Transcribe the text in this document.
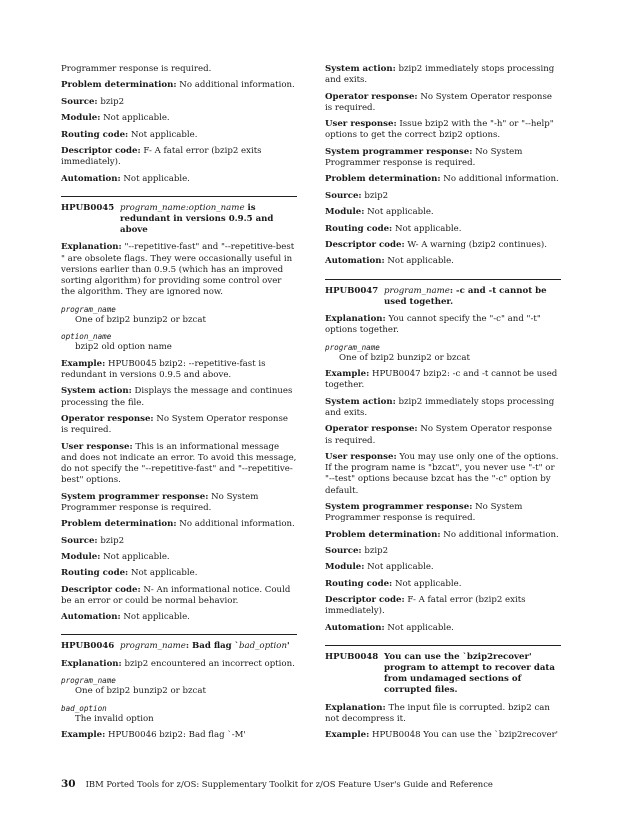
Programmer response is required.

Problem determination: No additional information.

Source: bzip2

Module: Not applicable.

Routing code: Not applicable.

Descriptor code: F- A fatal error (bzip2 exits immediately).

Automation: Not applicable.

HPUB0045 program_name:option_name is redundant in versions 0.9.5 and above

Explanation: "--repetitive-fast" and "--repetitive-best " are obsolete flags. They were occasionally useful in versions earlier than 0.9.5 (which has an improved sorting algorithm) for providing some control over the algorithm. They are ignored now.

program_name

One of bzip2 bunzip2 or bzcat

option_name

bzip2 old option name

Example: HPUB0045 bzip2: --repetitive-fast is redundant in versions 0.9.5 and above.

System action: Displays the message and continues processing the file.

Operator response: No System Operator response is required.

User response: This is an informational message and does not indicate an error. To avoid this message, do not specify the "--repetitive-fast" and "--repetitive-best" options.

System programmer response: No System Programmer response is required.

Problem determination: No additional information.

Source: bzip2

Module: Not applicable.

Routing code: Not applicable.

Descriptor code: N- An informational notice. Could be an error or could be normal behavior.

Automation: Not applicable.

HPUB0046 program_name: Bad flag `bad_option'

Explanation: bzip2 encountered an incorrect option.

program_name

One of bzip2 bunzip2 or bzcat

bad_option

The invalid option

Example: HPUB0046 bzip2: Bad flag `-M'

System action: bzip2 immediately stops processing and exits.

Operator response: No System Operator response is required.

User response: Issue bzip2 with the "-h" or "--help" options to get the correct bzip2 options.

System programmer response: No System Programmer response is required.

Problem determination: No additional information.

Source: bzip2

Module: Not applicable.

Routing code: Not applicable.

Descriptor code: W- A warning (bzip2 continues).

Automation: Not applicable.

HPUB0047 program_name: -c and -t cannot be used together.

Explanation: You cannot specify the "-c" and "-t" options together.

program_name

One of bzip2 bunzip2 or bzcat

Example: HPUB0047 bzip2: -c and -t cannot be used together.

System action: bzip2 immediately stops processing and exits.

Operator response: No System Operator response is required.

User response: You may use only one of the options. If the program name is "bzcat", you never use "-t" or "--test" options because bzcat has the "-c" option by default.

System programmer response: No System Programmer response is required.

Problem determination: No additional information.

Source: bzip2

Module: Not applicable.

Routing code: Not applicable.

Descriptor code: F- A fatal error (bzip2 exits immediately).

Automation: Not applicable.

HPUB0048 You can use the `bzip2recover' program to attempt to recover data from undamaged sections of corrupted files.

Explanation: The input file is corrupted. bzip2 can not decompress it.

Example: HPUB0048 You can use the `bzip2recover'

30 IBM Ported Tools for z/OS: Supplementary Toolkit for z/OS Feature User's Guide and Reference
